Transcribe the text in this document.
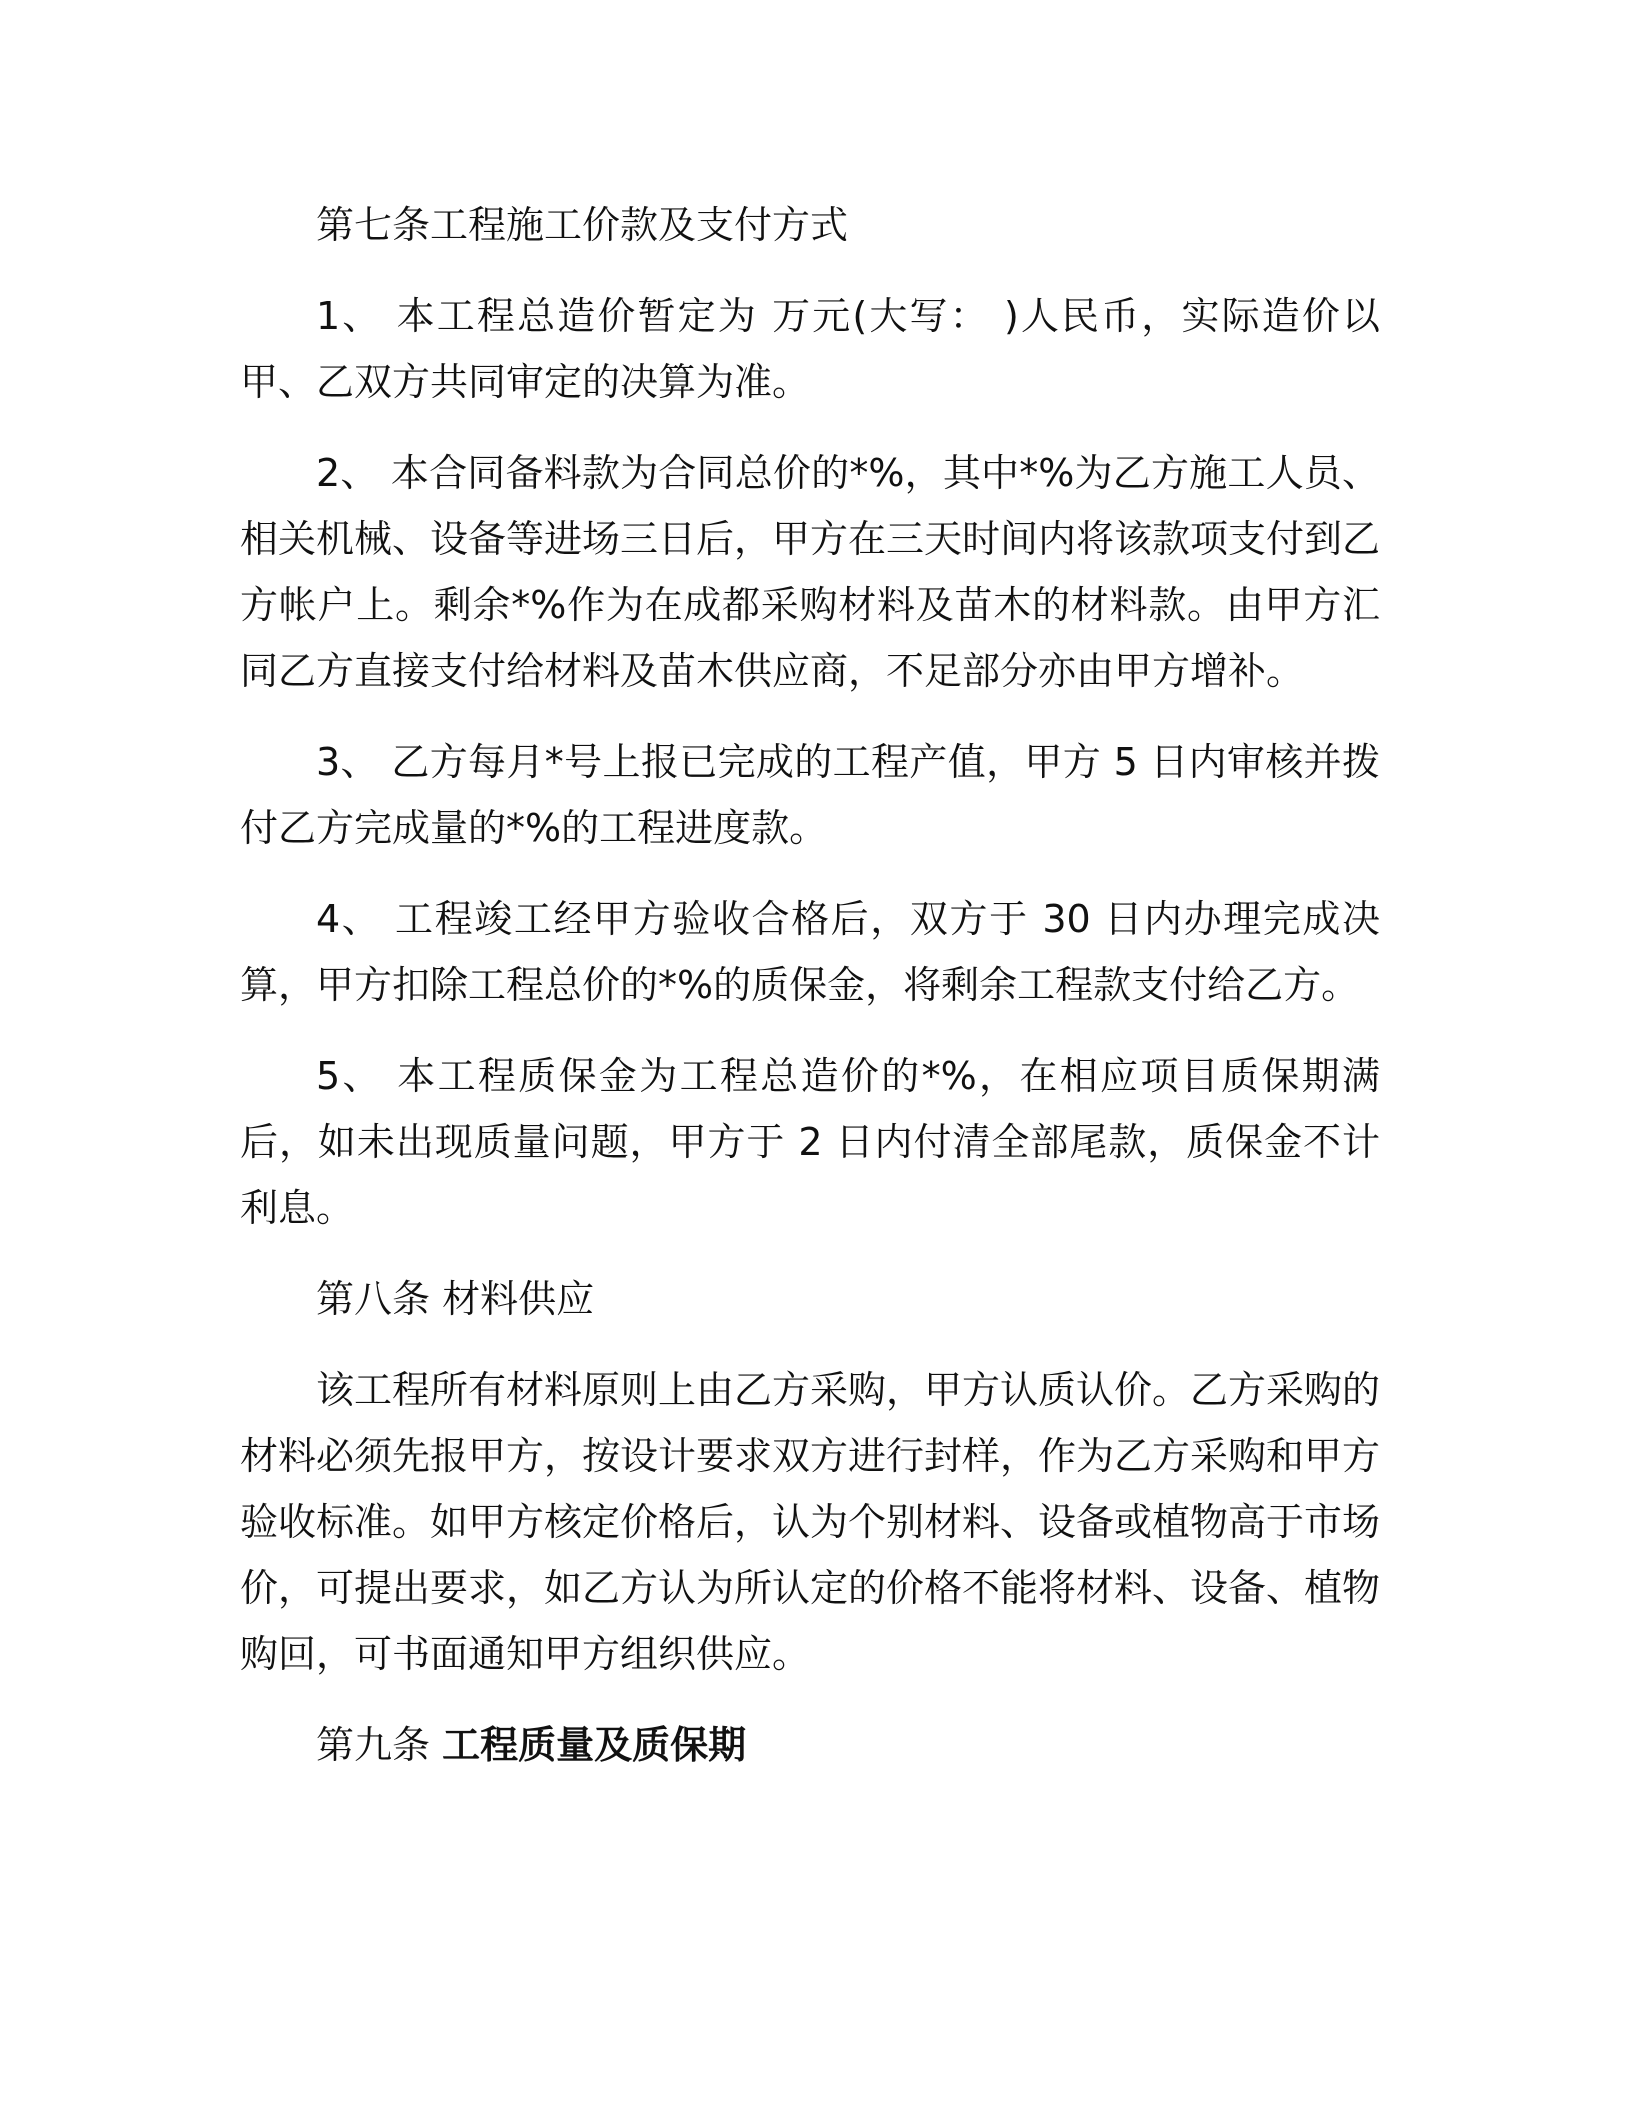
第七条工程施工价款及支付方式

1、 本工程总造价暂定为 万元(大写： )人民币，实际造价以甲、乙双方共同审定的决算为准。

2、 本合同备料款为合同总价的*%，其中*%为乙方施工人员、相关机械、设备等进场三日后，甲方在三天时间内将该款项支付到乙方帐户上。剩余*%作为在成都采购材料及苗木的材料款。由甲方汇同乙方直接支付给材料及苗木供应商，不足部分亦由甲方增补。

3、 乙方每月*号上报已完成的工程产值，甲方 5 日内审核并拨付乙方完成量的*%的工程进度款。

4、 工程竣工经甲方验收合格后，双方于 30 日内办理完成决算，甲方扣除工程总价的*%的质保金，将剩余工程款支付给乙方。

5、 本工程质保金为工程总造价的*%，在相应项目质保期满后，如未出现质量问题，甲方于 2 日内付清全部尾款，质保金不计利息。

第八条 材料供应

该工程所有材料原则上由乙方采购，甲方认质认价。乙方采购的材料必须先报甲方，按设计要求双方进行封样，作为乙方采购和甲方验收标准。如甲方核定价格后，认为个别材料、设备或植物高于市场价，可提出要求，如乙方认为所认定的价格不能将材料、设备、植物购回，可书面通知甲方组织供应。

第九条 工程质量及质保期
